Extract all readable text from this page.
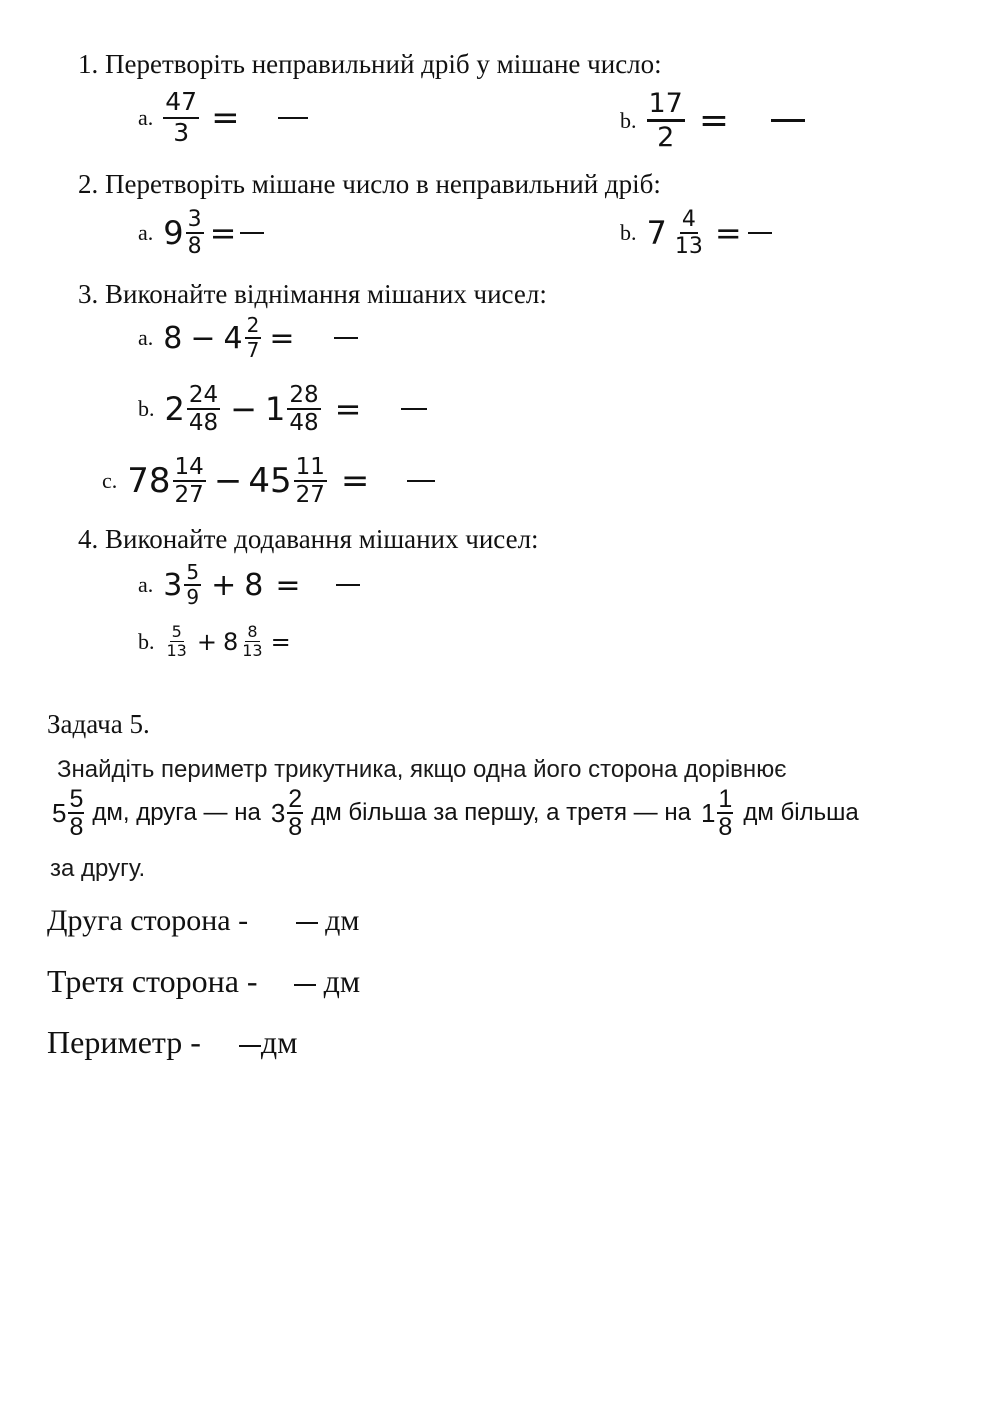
1. Перетворіть неправильний дріб у мішане число:
a. $\frac{47}{3}$ =	b. $\frac{17}{2}$ =
2. Перетворіть мішане число в неправильний дріб:
a. $9 \frac{3}{8}$ =	b. $7 \frac{4}{13}$ =
3. Виконайте віднімання мішаних чисел:
a. $8 - 4 \frac{2}{7}$ =
b. $2 \frac{24}{48} - 1 \frac{28}{48}$ =
c. $78 \frac{14}{27} - 45 \frac{11}{27}$ =
4. Виконайте додавання мішаних чисел:
a. $3 \frac{5}{9} + 8$ =
b. $\frac{5}{13} + 8 \frac{8}{13}$ =
Задача 5.
Знайдіть периметр трикутника, якщо одна його сторона дорівнює
$5 \frac{5}{8}$ дм, друга — на $3 \frac{2}{8}$ дм більша за першу, а третя — на $1 \frac{1}{8}$ дм більша
за другу.
Друга сторона -	дм
Третя сторона - дм
Периметр - дм
